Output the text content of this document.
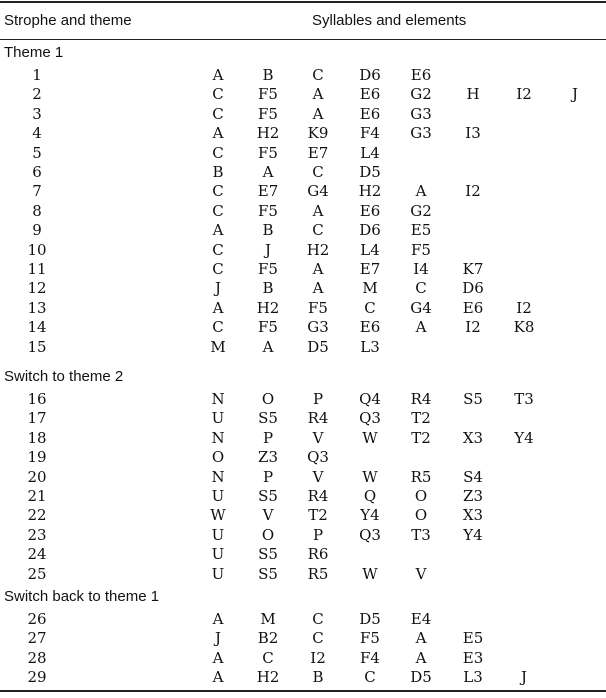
Strophe and theme	Syllables and elements
Theme 1
1	A	B	C	D6	E6
2	C	F5	A	E6	G2	H	I2	J
3	C	F5	A	E6	G3
4	A	H2	K9	F4	G3	I3
5	C	F5	E7	L4
6	B	A	C	D5
7	C	E7	G4	H2	A	I2
8	C	F5	A	E6	G2
9	A	B	C	D6	E5
10	C	J	H2	L4	F5
11	C	F5	A	E7	I4	K7
12	J	B	A	M	C	D6
13	A	H2	F5	C	G4	E6	I2
14	C	F5	G3	E6	A	I2	K8
15	M	A	D5	L3
Switch to theme 2
16	N	O	P	Q4	R4	S5	T3
17	U	S5	R4	Q3	T2
18	N	P	V	W	T2	X3	Y4
19	O	Z3	Q3
20	N	P	V	W	R5	S4
21	U	S5	R4	Q	O	Z3
22	W	V	T2	Y4	O	X3
23	U	O	P	Q3	T3	Y4
24	U	S5	R6
25	U	S5	R5	W	V
Switch back to theme 1
26	A	M	C	D5	E4
27	J	B2	C	F5	A	E5
28	A	C	I2	F4	A	E3
29	A	H2	B	C	D5	L3	J
